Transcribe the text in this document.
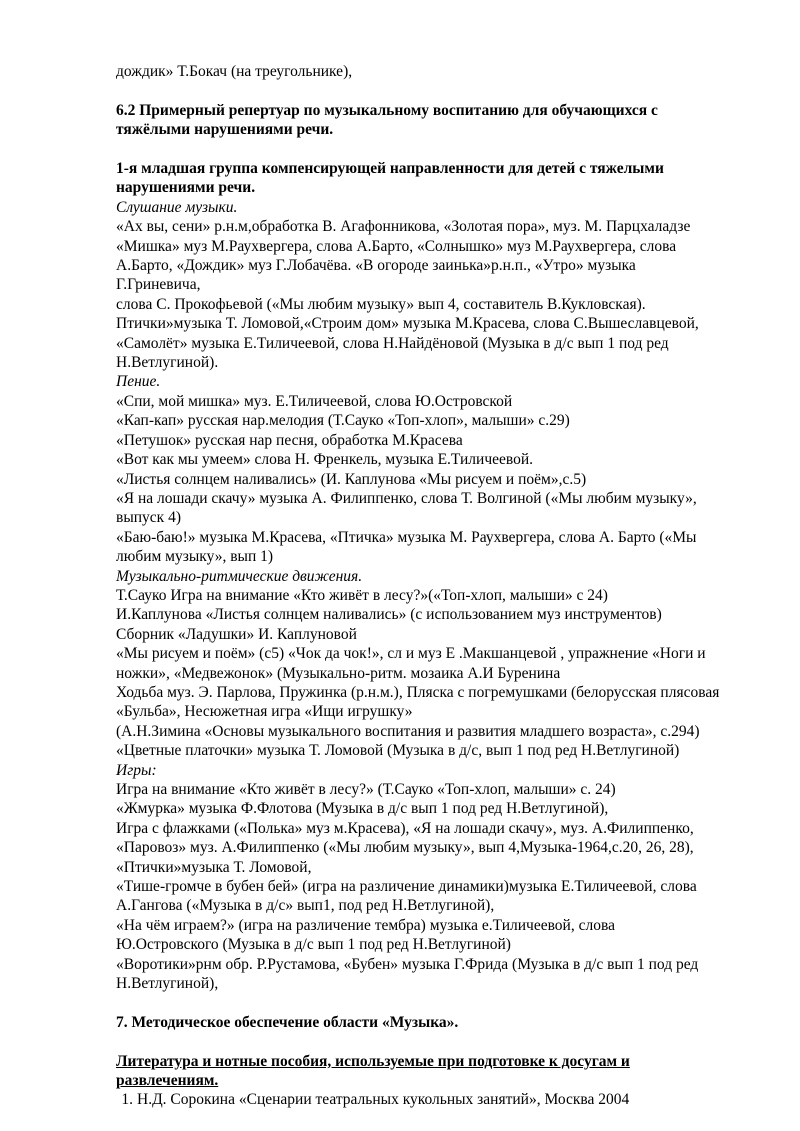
дождик» Т.Бокач (на треугольнике),
6.2 Примерный репертуар по музыкальному воспитанию для обучающихся с
тяжёлыми нарушениями речи.
1-я младшая группа компенсирующей направленности для детей с тяжелыми
нарушениями речи.
Слушание музыки.
«Ах вы, сени» р.н.м,обработка В. Агафонникова, «Золотая пора», муз. М. Парцхаладзе
«Мишка» муз М.Раухвергера, слова А.Барто, «Солнышко» муз М.Раухвергера, слова
А.Барто, «Дождик» муз Г.Лобачёва. «В огороде заинька»р.н.п., «Утро» музыка
Г.Гриневича,
слова С. Прокофьевой («Мы любим музыку» вып 4, составитель В.Кукловская).
Птички»музыка Т. Ломовой,«Строим дом» музыка М.Красева, слова С.Вышеславцевой,
«Самолёт» музыка Е.Тиличеевой, слова Н.Найдёновой (Музыка в д/с вып 1 под ред
Н.Ветлугиной).
Пение.
«Спи, мой мишка» муз. Е.Тиличеевой, слова Ю.Островской
«Кап-кап» русская нар.мелодия (Т.Сауко «Топ-хлоп», малыши» с.29)
«Петушок» русская нар песня, обработка М.Красева
«Вот как мы умеем» слова Н. Френкель, музыка Е.Тиличеевой.
«Листья солнцем наливались» (И. Каплунова «Мы рисуем и поём»,с.5)
«Я на лошади скачу» музыка А. Филиппенко, слова Т. Волгиной («Мы любим музыку»,
выпуск 4)
«Баю-баю!» музыка М.Красева, «Птичка» музыка М. Раухвергера, слова А. Барто («Мы
любим музыку», вып 1)
Музыкально-ритмические движения.
Т.Сауко Игра на внимание «Кто живёт в лесу?»(«Топ-хлоп, малыши» с 24)
И.Каплунова «Листья солнцем наливались» (с использованием муз инструментов)
Сборник «Ладушки» И. Каплуновой
«Мы рисуем и поём» (с5) «Чок да чок!», сл и муз Е .Макшанцевой , упражнение «Ноги и
ножки», «Медвежонок» (Музыкально-ритм. мозаика А.И Буренина
Ходьба муз. Э. Парлова, Пружинка (р.н.м.), Пляска с погремушками (белорусская плясовая
«Бульба», Несюжетная игра «Ищи игрушку»
(А.Н.Зимина «Основы музыкального воспитания и развития младшего возраста», с.294)
«Цветные платочки» музыка Т. Ломовой (Музыка в д/с, вып 1 под ред Н.Ветлугиной)
Игры:
Игра на внимание «Кто живёт в лесу?» (Т.Сауко «Топ-хлоп, малыши» с. 24)
«Жмурка» музыка Ф.Флотова (Музыка в д/с вып 1 под ред Н.Ветлугиной),
Игра с флажками («Полька» муз м.Красева), «Я на лошади скачу», муз. А.Филиппенко,
«Паровоз» муз. А.Филиппенко («Мы любим музыку», вып 4,Музыка-1964,с.20, 26, 28),
«Птички»музыка Т. Ломовой,
«Тише-громче в бубен бей» (игра на различение динамики)музыка Е.Тиличеевой, слова
А.Гангова («Музыка в д/с» вып1, под ред Н.Ветлугиной),
«На чём играем?» (игра на различение тембра) музыка е.Тиличеевой, слова
Ю.Островского (Музыка в д/с вып 1 под ред Н.Ветлугиной)
«Воротики»рнм обр. Р.Рустамова, «Бубен» музыка Г.Фрида (Музыка в д/с вып 1 под ред
Н.Ветлугиной),
7. Методическое обеспечение области «Музыка».
Литература и нотные пособия, используемые при подготовке к досугам и
развлечениям.
1. Н.Д. Сорокина «Сценарии театральных кукольных занятий», Москва 2004
